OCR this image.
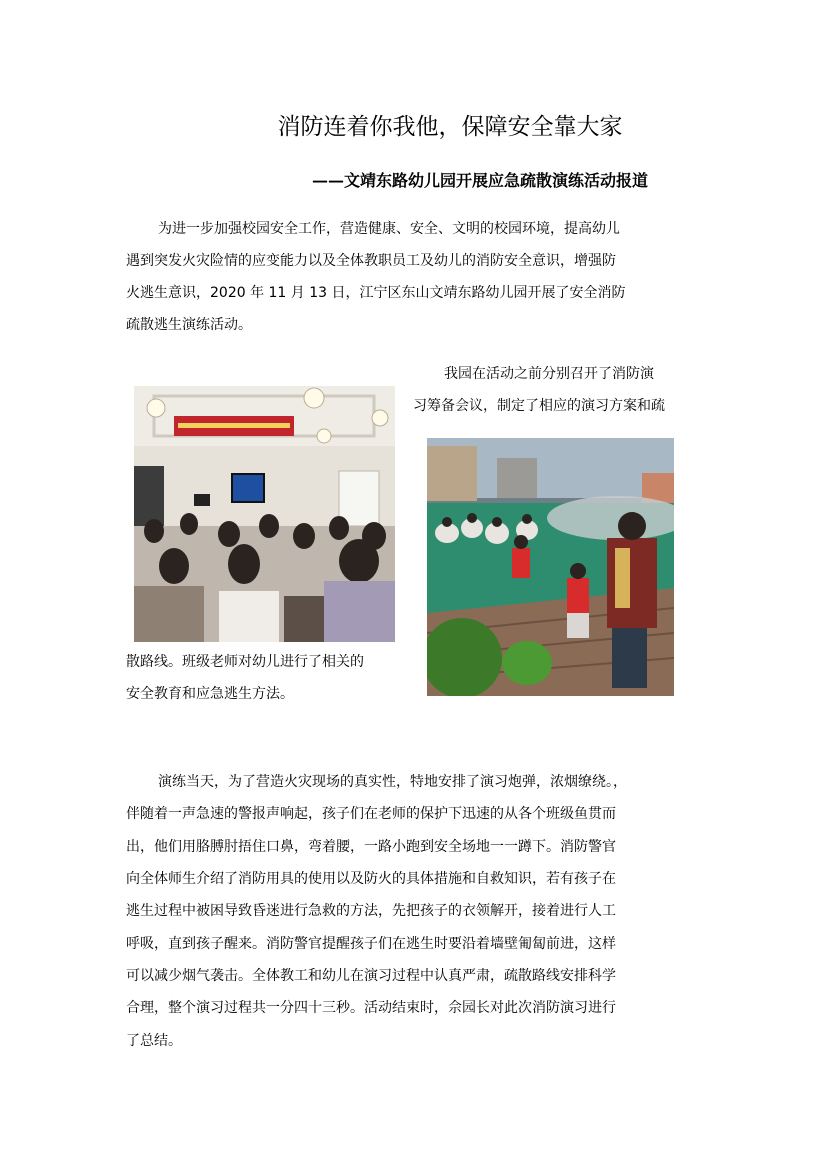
消防连着你我他，保障安全靠大家
——文靖东路幼儿园开展应急疏散演练活动报道
为进一步加强校园安全工作，营造健康、安全、文明的校园环境，提高幼儿
遇到突发火灾险情的应变能力以及全体教职员工及幼儿的消防安全意识，增强防
火逃生意识，2020 年 11 月 13 日，江宁区东山文靖东路幼儿园开展了安全消防
疏散逃生演练活动。
我园在活动之前分别召开了消防演
习筹备会议，制定了相应的演习方案和疏
散路线。班级老师对幼儿进行了相关的
安全教育和应急逃生方法。
演练当天，为了营造火灾现场的真实性，特地安排了演习炮弹，浓烟缭绕。，
伴随着一声急速的警报声响起，孩子们在老师的保护下迅速的从各个班级鱼贯而
出，他们用胳膊肘捂住口鼻，弯着腰，一路小跑到安全场地一一蹲下。消防警官
向全体师生介绍了消防用具的使用以及防火的具体措施和自救知识，若有孩子在
逃生过程中被困导致昏迷进行急救的方法，先把孩子的衣领解开，接着进行人工
呼吸，直到孩子醒来。消防警官提醒孩子们在逃生时要沿着墙壁匍匐前进，这样
可以减少烟气袭击。全体教工和幼儿在演习过程中认真严肃，疏散路线安排科学
合理，整个演习过程共一分四十三秒。活动结束时，佘园长对此次消防演习进行
了总结。
